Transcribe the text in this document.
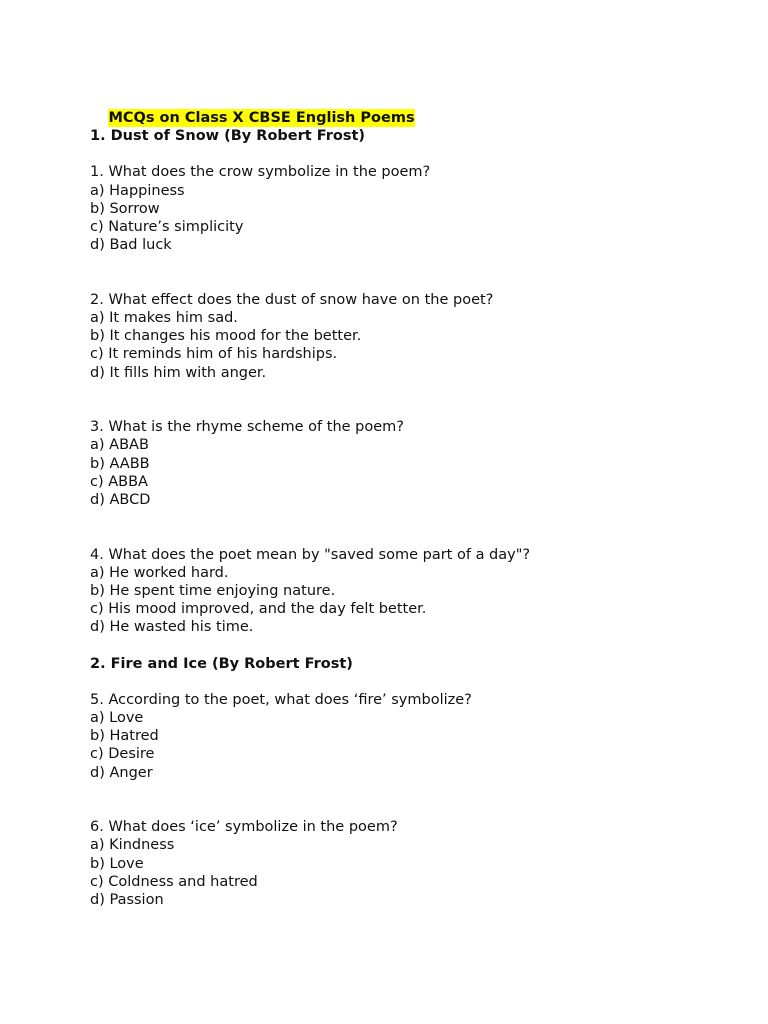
MCQs on Class X CBSE English Poems

1. Dust of Snow (By Robert Frost)
1. What does the crow symbolize in the poem?
a) Happiness
b) Sorrow
c) Nature’s simplicity
d) Bad luck
2. What effect does the dust of snow have on the poet?
a) It makes him sad.
b) It changes his mood for the better.
c) It reminds him of his hardships.
d) It fills him with anger.
3. What is the rhyme scheme of the poem?
a) ABAB
b) AABB
c) ABBA
d) ABCD
4. What does the poet mean by "saved some part of a day"?
a) He worked hard.
b) He spent time enjoying nature.
c) His mood improved, and the day felt better.
d) He wasted his time.
2. Fire and Ice (By Robert Frost)
5. According to the poet, what does ‘fire’ symbolize?
a) Love
b) Hatred
c) Desire
d) Anger
6. What does ‘ice’ symbolize in the poem?
a) Kindness
b) Love
c) Coldness and hatred
d) Passion
